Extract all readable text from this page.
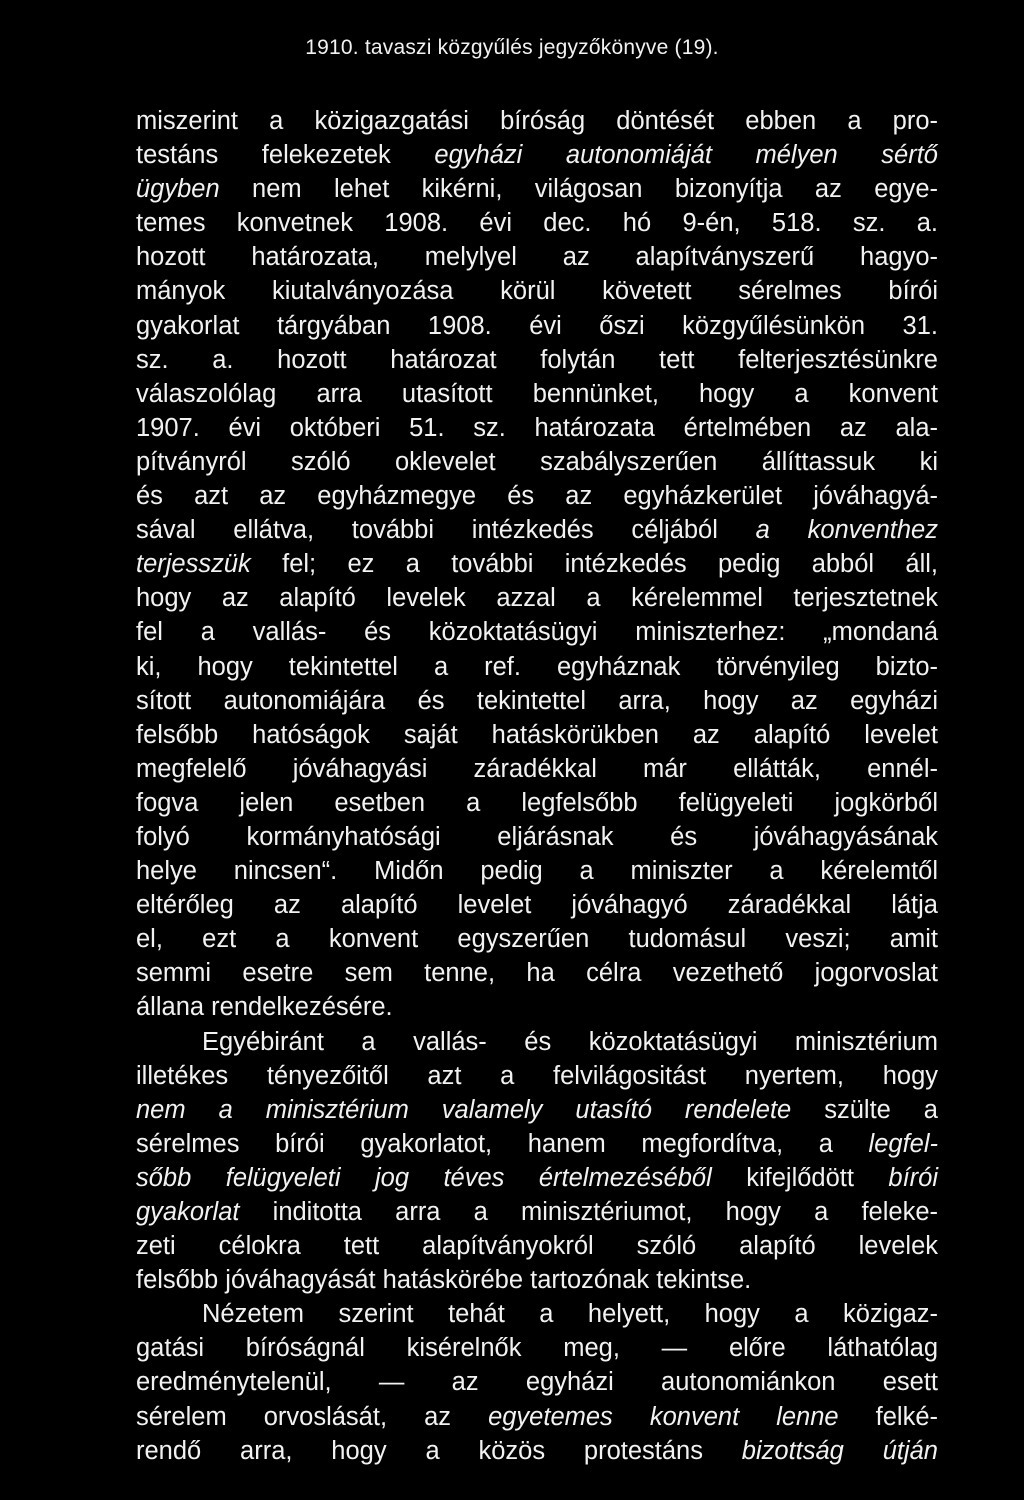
1910. tavaszi közgyűlés jegyzőkönyve (19).
miszerint a közigazgatási bíróság döntését ebben a pro-
testáns felekezetek egyházi autonomiáját mélyen sértő
ügyben nem lehet kikérni, világosan bizonyítja az egye-
temes konvetnek 1908. évi dec. hó 9-én, 518. sz. a.
hozott határozata, melylyel az alapítványszerű hagyo-
mányok kiutalványozása körül követett sérelmes bírói
gyakorlat tárgyában 1908. évi őszi közgyűlésünkön 31.
sz. a. hozott határozat folytán tett felterjesztésünkre
válaszolólag arra utasított bennünket, hogy a konvent
1907. évi októberi 51. sz. határozata értelmében az ala-
pítványról szóló oklevelet szabályszerűen állíttassuk ki
és azt az egyházmegye és az egyházkerület jóváhagyá-
sával ellátva, további intézkedés céljából a konventhez
terjesszük fel; ez a további intézkedés pedig abból áll,
hogy az alapító levelek azzal a kérelemmel terjesztetnek
fel a vallás- és közoktatásügyi miniszterhez: „mondaná
ki, hogy tekintettel a ref. egyháznak törvényileg bizto-
sított autonomiájára és tekintettel arra, hogy az egyházi
felsőbb hatóságok saját hatáskörükben az alapító levelet
megfelelő jóváhagyási záradékkal már ellátták, ennél-
fogva jelen esetben a legfelsőbb felügyeleti jogkörből
folyó kormányhatósági eljárásnak és jóváhagyásának
helye nincsen“. Midőn pedig a miniszter a kérelemtől
eltérőleg az alapító levelet jóváhagyó záradékkal látja
el, ezt a konvent egyszerűen tudomásul veszi; amit
semmi esetre sem tenne, ha célra vezethető jogorvoslat
állana rendelkezésére.
Egyébiránt a vallás- és közoktatásügyi minisztérium
illetékes tényezőitől azt a felvilágositást nyertem, hogy
nem a minisztérium valamely utasító rendelete szülte a
sérelmes bírói gyakorlatot, hanem megfordítva, a legfel-
sőbb felügyeleti jog téves értelmezéséből kifejlődött bírói
gyakorlat inditotta arra a minisztériumot, hogy a feleke-
zeti célokra tett alapítványokról szóló alapító levelek
felsőbb jóváhagyását hatáskörébe tartozónak tekintse.
Nézetem szerint tehát a helyett, hogy a közigaz-
gatási bíróságnál kisérelnők meg, — előre láthatólag
eredménytelenül, — az egyházi autonomiánkon esett
sérelem orvoslását, az egyetemes konvent lenne felké-
rendő arra, hogy a közös protestáns bizottság útján
